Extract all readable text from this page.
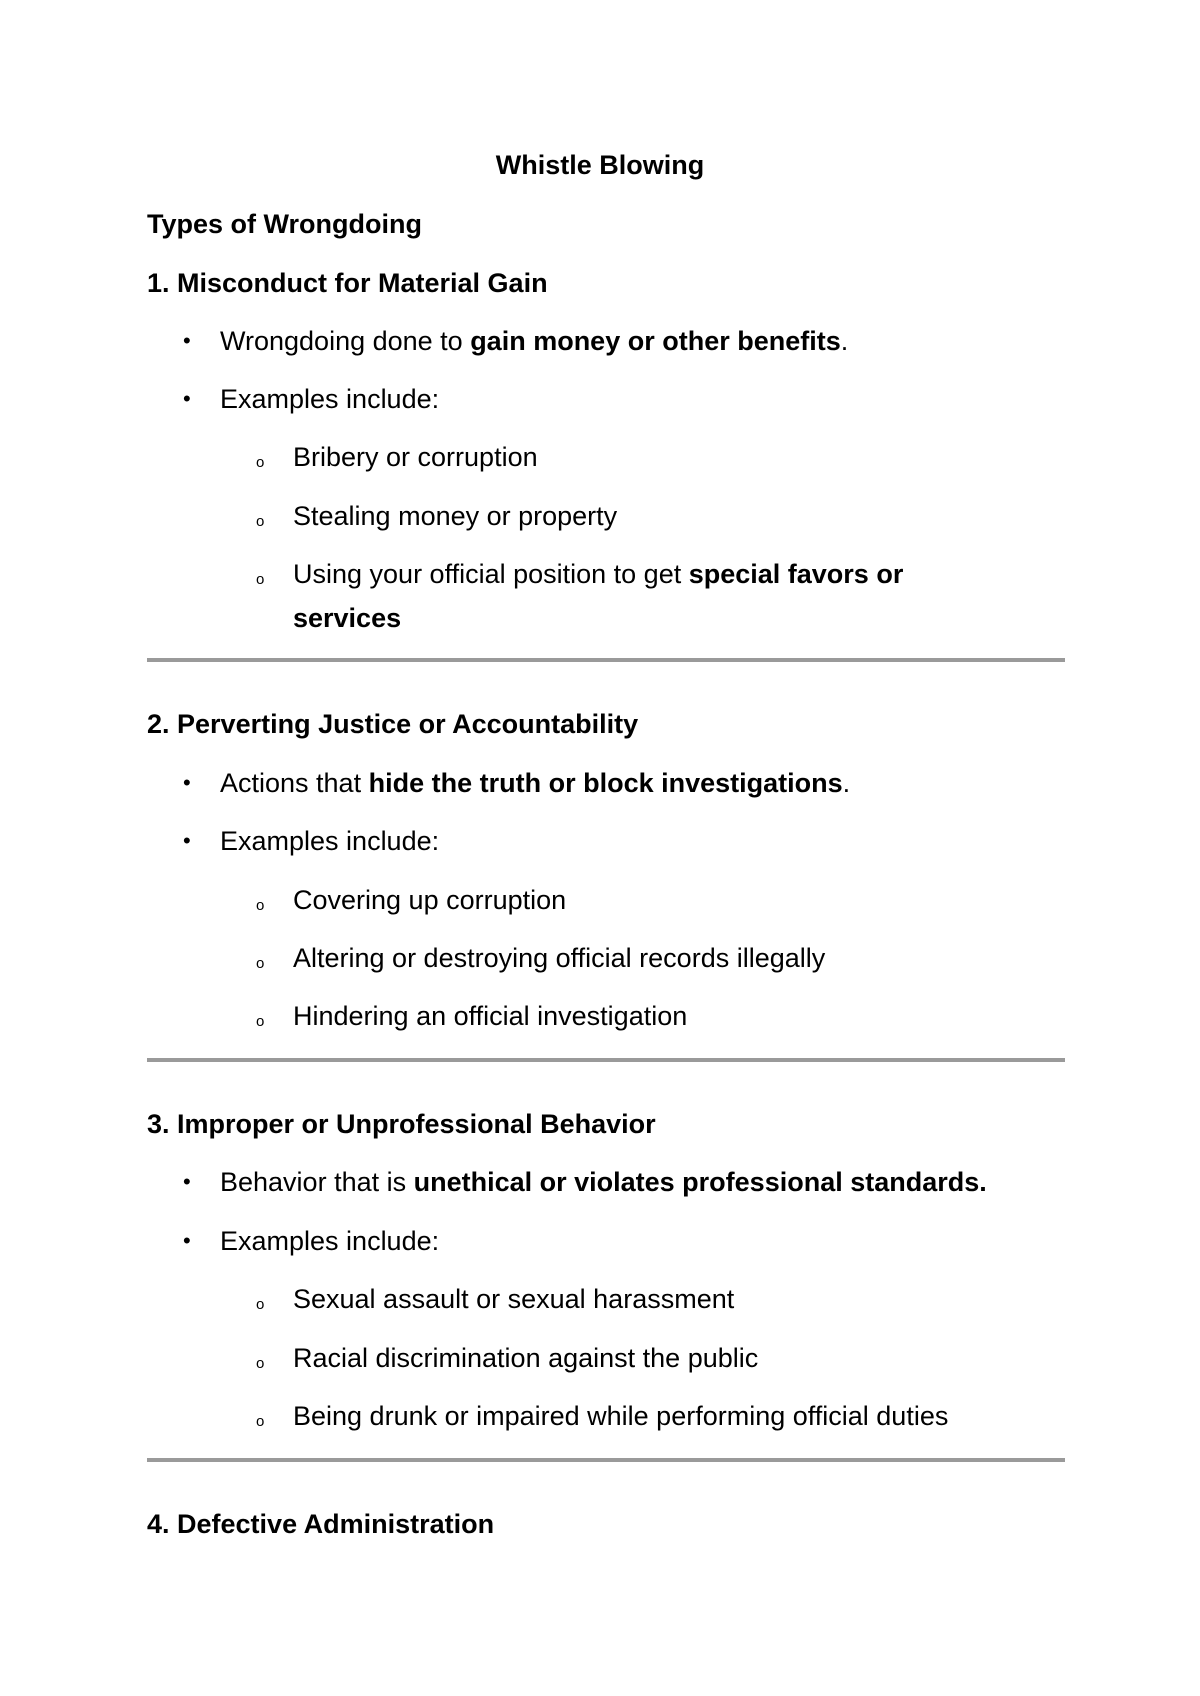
Whistle Blowing
Types of Wrongdoing
1. Misconduct for Material Gain
• Wrongdoing done to gain money or other benefits.
• Examples include:
o Bribery or corruption
o Stealing money or property
o Using your official position to get special favors or services
2. Perverting Justice or Accountability
• Actions that hide the truth or block investigations.
• Examples include:
o Covering up corruption
o Altering or destroying official records illegally
o Hindering an official investigation
3. Improper or Unprofessional Behavior
• Behavior that is unethical or violates professional standards.
• Examples include:
o Sexual assault or sexual harassment
o Racial discrimination against the public
o Being drunk or impaired while performing official duties
4. Defective Administration
